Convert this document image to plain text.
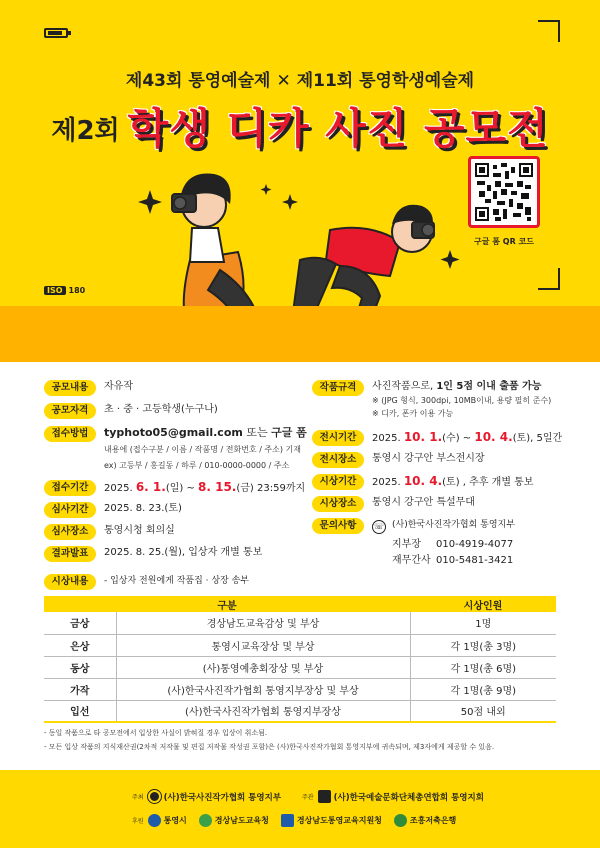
ISO 180
제43회 통영예술제 ✕ 제11회 통영학생예술제
제2회 학생 디카 사진 공모전
구글 폼 QR 코드
공모내용	자유작
공모자격	초 · 중 · 고등학생(누구나)
접수방법	typhoto05@gmail.com 또는 구글 폼
내용에 (접수구분 / 이름 / 작품명 / 전화번호 / 주소) 기재
ex) 고등부 / 홍길동 / 하루 / 010-0000-0000 / 주소
접수기간	2025. 6. 1.(일) ~ 8. 15.(금) 23:59까지
심사기간	2025. 8. 23.(토)
심사장소	통영시청 회의실
결과발표	2025. 8. 25.(월), 입상자 개별 통보
작품규격	사진작품으로, 1인 5점 이내 출품 가능
※ (JPG 형식, 300dpi, 10MB이내, 용량 필히 준수)
※ 디카, 폰카 이용 가능
전시기간	2025. 10. 1.(수) ~ 10. 4.(토), 5일간
전시장소	통영시 강구안 부스전시장
시상기간	2025. 10. 4.(토) , 추후 개별 통보
시상장소	통영시 강구안 특설무대
문의사항	☏ (사)한국사진작가협회 통영지부
지부장 010-4919-4077
재무간사 010-5481-3421
시상내용	- 입상자 전원에게 작품집 · 상장 송부
구분		시상인원
금상	경상남도교육감상 및 부상	1명
은상	통영시교육장상 및 부상	각 1명(총 3명)
동상	(사)통영예총회장상 및 부상	각 1명(총 6명)
가작	(사)한국사진작가협회 통영지부장상 및 부상	각 1명(총 9명)
입선	(사)한국사진작가협회 통영지부장상	50점 내외
- 동일 작품으로 타 공모전에서 입상한 사실이 밝혀질 경우 입상이 취소됨.
- 모든 입상 작품의 지식재산권(2차적 저작물 및 편집 저작물 작성권 포함)은 (사)한국사진작가협회 통영지부에 귀속되며, 제3자에게 제공할 수 있음.
주최 (사)한국사진작가협회 통영지부	주관 (사)한국예술문화단체총연합회 통영지회
후원	통영시	경상남도교육청	경상남도통영교육지원청	조흥저축은행
